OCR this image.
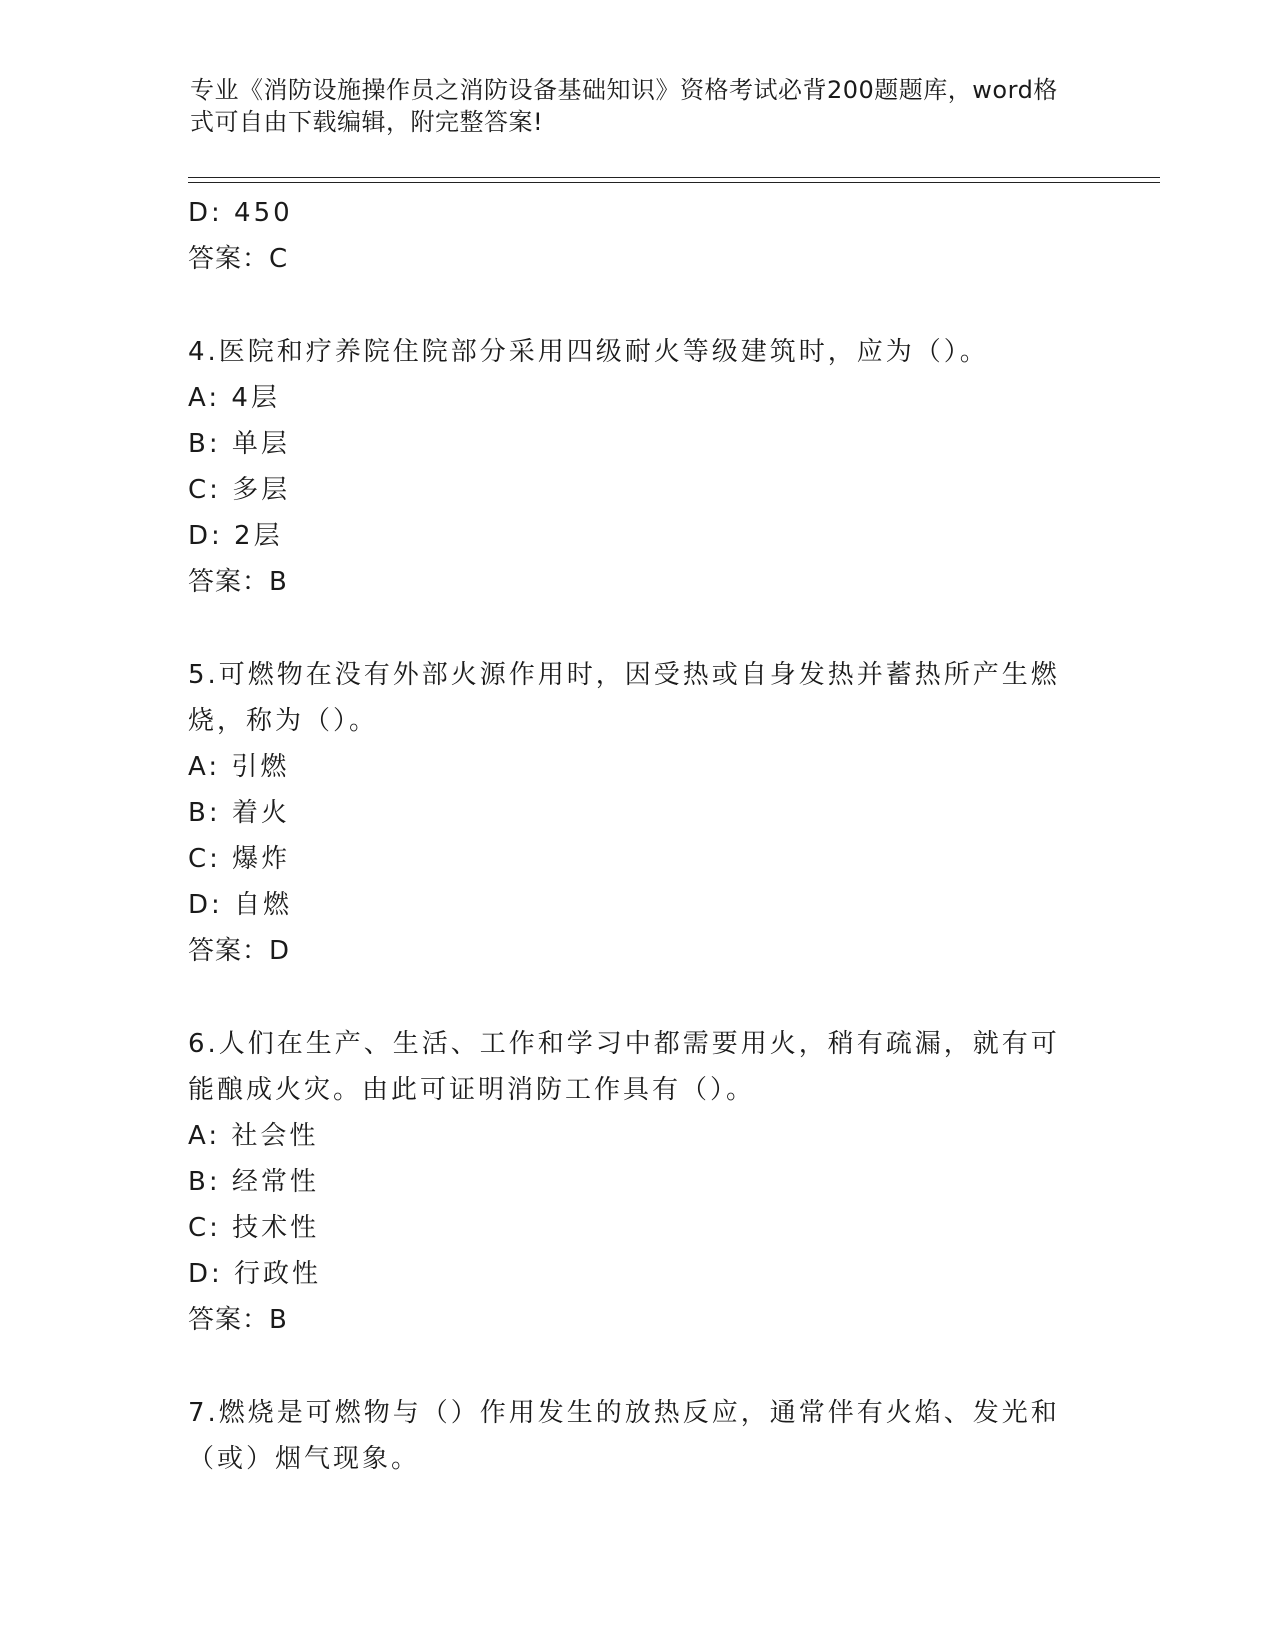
专业《消防设施操作员之消防设备基础知识》资格考试必背200题题库，word格式可自由下载编辑，附完整答案!
D: 450
答案：C
4.医院和疗养院住院部分采用四级耐火等级建筑时，应为（）。
A: 4层
B: 单层
C: 多层
D: 2层
答案：B
5.可燃物在没有外部火源作用时，因受热或自身发热并蓄热所产生燃烧，称为（）。
A: 引燃
B: 着火
C: 爆炸
D: 自燃
答案：D
6.人们在生产、生活、工作和学习中都需要用火，稍有疏漏，就有可能酿成火灾。由此可证明消防工作具有（）。
A: 社会性
B: 经常性
C: 技术性
D: 行政性
答案：B
7.燃烧是可燃物与（）作用发生的放热反应，通常伴有火焰、发光和（或）烟气现象。
